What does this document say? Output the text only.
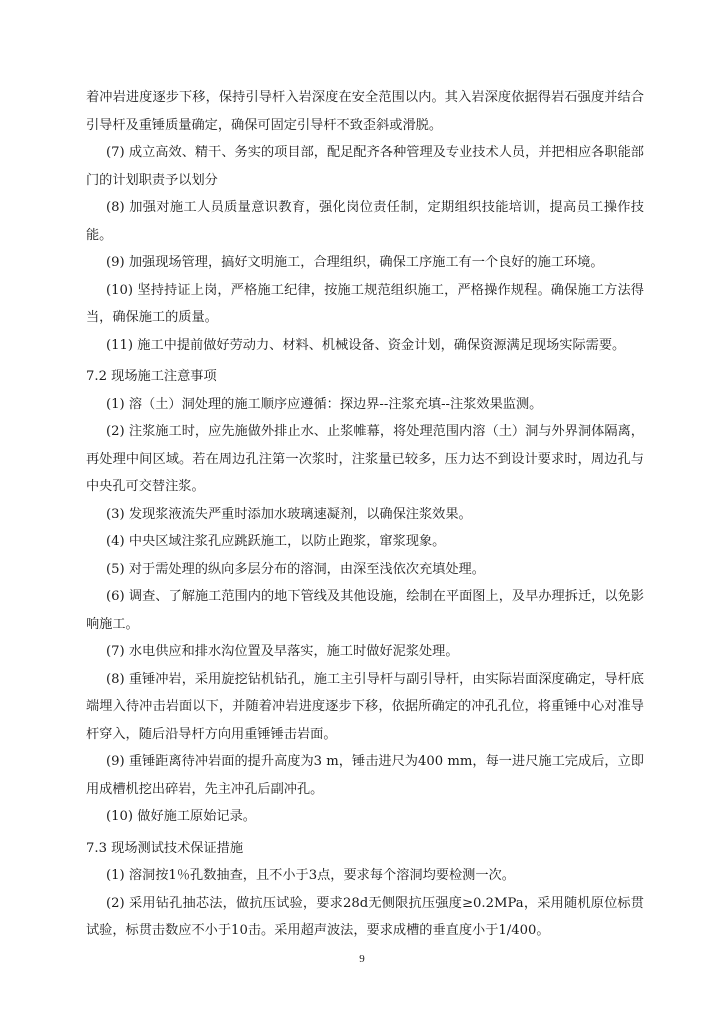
着冲岩进度逐步下移，保持引导杆入岩深度在安全范围以内。其入岩深度依据得岩石强度并结合引导杆及重锤质量确定，确保可固定引导杆不致歪斜或滑脱。

(7) 成立高效、精干、务实的项目部，配足配齐各种管理及专业技术人员，并把相应各职能部门的计划职责予以划分

(8) 加强对施工人员质量意识教育，强化岗位责任制，定期组织技能培训，提高员工操作技能。

(9) 加强现场管理，搞好文明施工，合理组织，确保工序施工有一个良好的施工环境。

(10) 坚持持证上岗，严格施工纪律，按施工规范组织施工，严格操作规程。确保施工方法得当，确保施工的质量。

(11) 施工中提前做好劳动力、材料、机械设备、资金计划，确保资源满足现场实际需要。

7.2 现场施工注意事项

(1) 溶（土）洞处理的施工顺序应遵循：探边界--注浆充填--注浆效果监测。

(2) 注浆施工时，应先施做外排止水、止浆帷幕，将处理范围内溶（土）洞与外界洞体隔离，再处理中间区域。若在周边孔注第一次浆时，注浆量已较多，压力达不到设计要求时，周边孔与中央孔可交替注浆。

(3) 发现浆液流失严重时添加水玻璃速凝剂，以确保注浆效果。

(4) 中央区域注浆孔应跳跃施工，以防止跑浆，窜浆现象。

(5) 对于需处理的纵向多层分布的溶洞，由深至浅依次充填处理。

(6) 调查、了解施工范围内的地下管线及其他设施，绘制在平面图上，及早办理拆迁，以免影响施工。

(7) 水电供应和排水沟位置及早落实，施工时做好泥浆处理。

(8) 重锤冲岩，采用旋挖钻机钻孔，施工主引导杆与副引导杆，由实际岩面深度确定，导杆底端埋入待冲击岩面以下，并随着冲岩进度逐步下移，依据所确定的冲孔孔位，将重锤中心对准导杆穿入，随后沿导杆方向用重锤锤击岩面。

(9) 重锤距离待冲岩面的提升高度为3 m，锤击进尺为400 mm，每一进尺施工完成后，立即用成槽机挖出碎岩，先主冲孔后副冲孔。

(10) 做好施工原始记录。

7.3 现场测试技术保证措施

(1) 溶洞按1％孔数抽查，且不小于3点，要求每个溶洞均要检测一次。

(2) 采用钻孔抽芯法，做抗压试验，要求28d无侧限抗压强度≥0.2MPa，采用随机原位标贯试验，标贯击数应不小于10击。采用超声波法，要求成槽的垂直度小于1/400。

9
